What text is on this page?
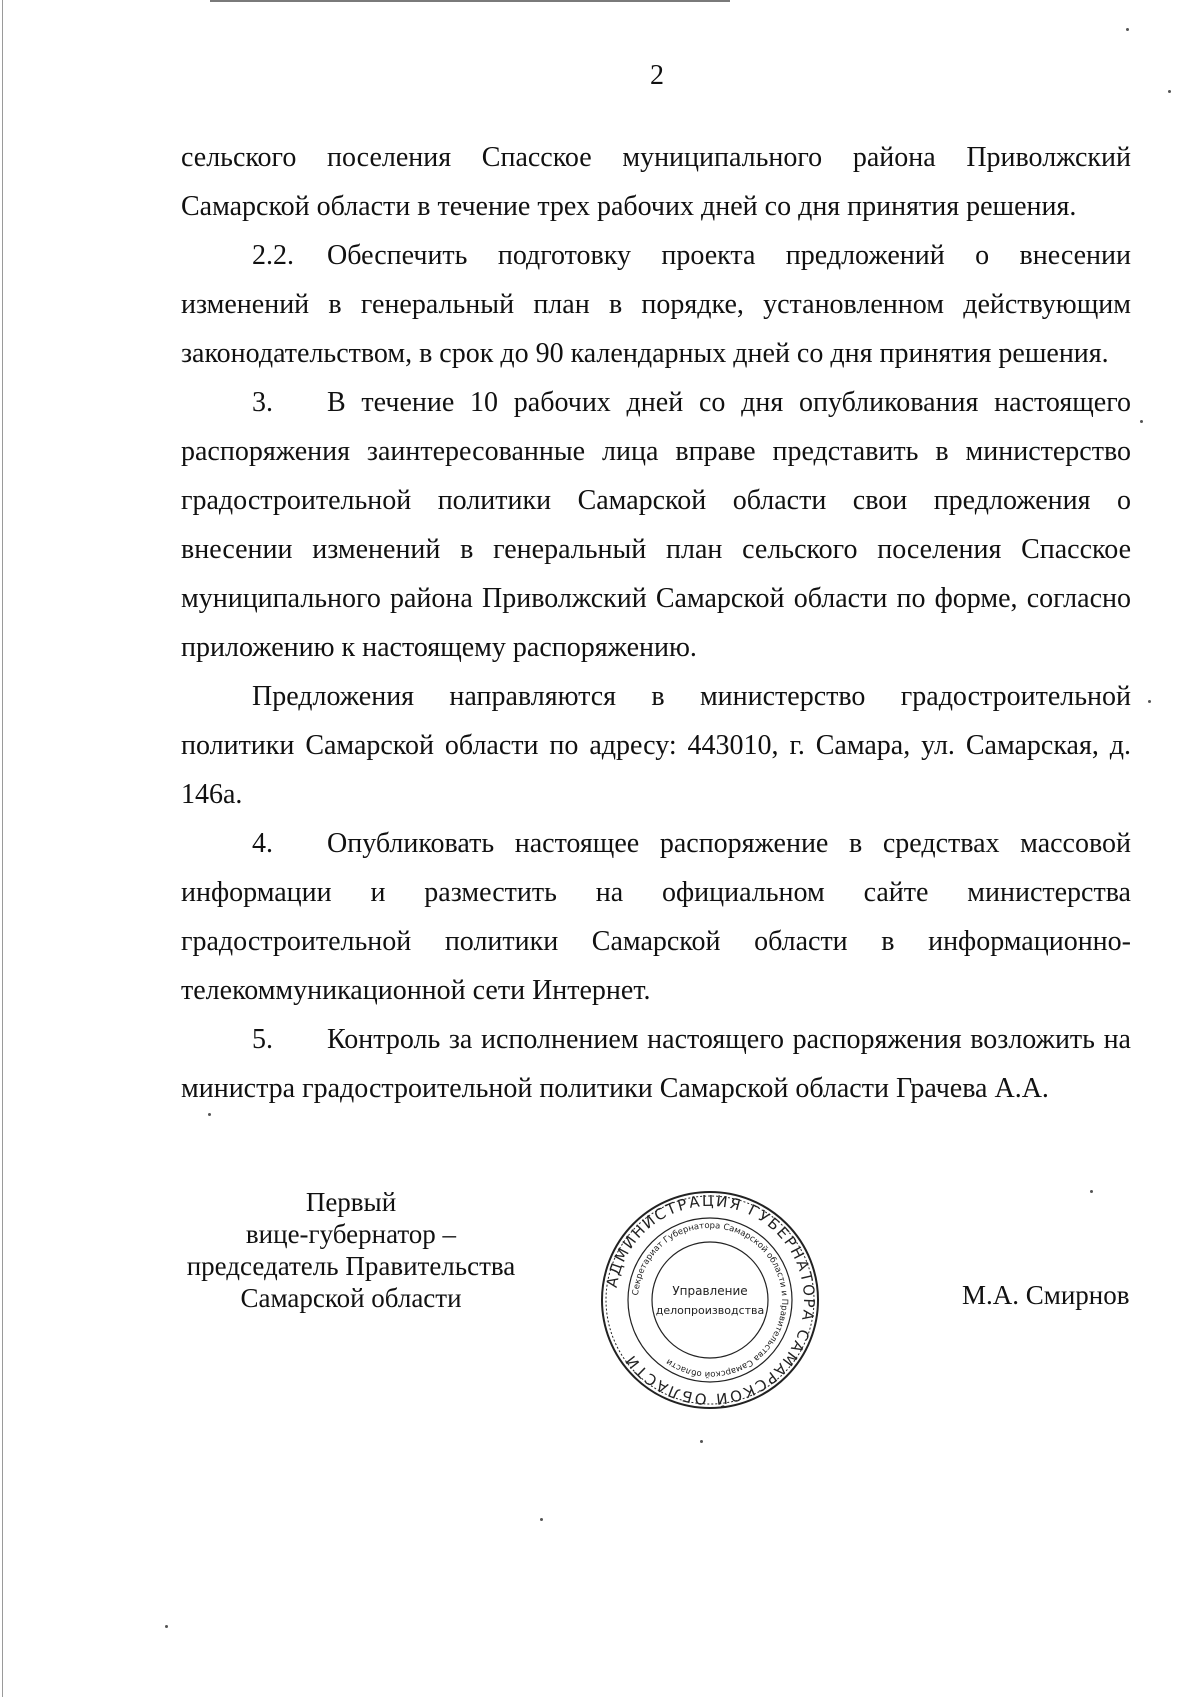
2

сельского поселения Спасское муниципального района Приволжский Самарской области в течение трех рабочих дней со дня принятия решения.

2.2. Обеспечить подготовку проекта предложений о внесении изменений в генеральный план в порядке, установленном действующим законодательством, в срок до 90 календарных дней со дня принятия решения.

3. В течение 10 рабочих дней со дня опубликования настоящего распоряжения заинтересованные лица вправе представить в министерство градостроительной политики Самарской области свои предложения о внесении изменений в генеральный план сельского поселения Спасское муниципального района Приволжский Самарской области по форме, согласно приложению к настоящему распоряжению.

Предложения направляются в министерство градостроительной политики Самарской области по адресу: 443010, г. Самара, ул. Самарская, д. 146а.

4. Опубликовать настоящее распоряжение в средствах массовой информации и разместить на официальном сайте министерства градостроительной политики Самарской области в информационно-телекоммуникационной сети Интернет.

5. Контроль за исполнением настоящего распоряжения возложить на министра градостроительной политики Самарской области Грачева А.А.

Первый
вице-губернатор –
председатель Правительства
Самарской области
АДМИНИСТРАЦИЯ ГУБЕРНАТОРА САМАРСКОЙ ОБЛАСТИ
Секретариат Губернатора Самарской области и Правительства Самарской области
Управление
делопроизводства
М.А. Смирнов
